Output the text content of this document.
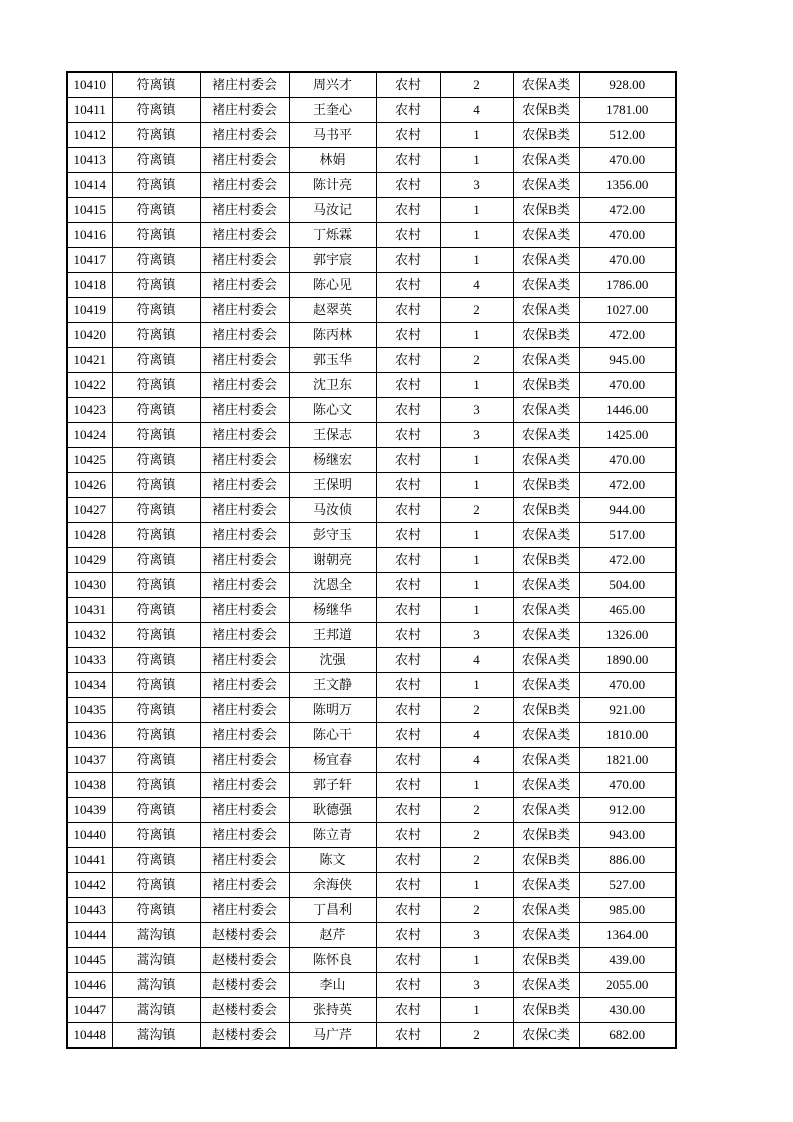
10410	符离镇	褚庄村委会	周兴才	农村	2	农保A类	928.00
10411	符离镇	褚庄村委会	王奎心	农村	4	农保B类	1781.00
10412	符离镇	褚庄村委会	马书平	农村	1	农保B类	512.00
10413	符离镇	褚庄村委会	林娟	农村	1	农保A类	470.00
10414	符离镇	褚庄村委会	陈计亮	农村	3	农保A类	1356.00
10415	符离镇	褚庄村委会	马汝记	农村	1	农保B类	472.00
10416	符离镇	褚庄村委会	丁烁霖	农村	1	农保A类	470.00
10417	符离镇	褚庄村委会	郭宇宸	农村	1	农保A类	470.00
10418	符离镇	褚庄村委会	陈心见	农村	4	农保A类	1786.00
10419	符离镇	褚庄村委会	赵翠英	农村	2	农保A类	1027.00
10420	符离镇	褚庄村委会	陈丙林	农村	1	农保B类	472.00
10421	符离镇	褚庄村委会	郭玉华	农村	2	农保A类	945.00
10422	符离镇	褚庄村委会	沈卫东	农村	1	农保B类	470.00
10423	符离镇	褚庄村委会	陈心文	农村	3	农保A类	1446.00
10424	符离镇	褚庄村委会	王保志	农村	3	农保A类	1425.00
10425	符离镇	褚庄村委会	杨继宏	农村	1	农保A类	470.00
10426	符离镇	褚庄村委会	王保明	农村	1	农保B类	472.00
10427	符离镇	褚庄村委会	马汝侦	农村	2	农保B类	944.00
10428	符离镇	褚庄村委会	彭守玉	农村	1	农保A类	517.00
10429	符离镇	褚庄村委会	谢朝亮	农村	1	农保B类	472.00
10430	符离镇	褚庄村委会	沈恩全	农村	1	农保A类	504.00
10431	符离镇	褚庄村委会	杨继华	农村	1	农保A类	465.00
10432	符离镇	褚庄村委会	王邦道	农村	3	农保A类	1326.00
10433	符离镇	褚庄村委会	沈强	农村	4	农保A类	1890.00
10434	符离镇	褚庄村委会	王文静	农村	1	农保A类	470.00
10435	符离镇	褚庄村委会	陈明万	农村	2	农保B类	921.00
10436	符离镇	褚庄村委会	陈心干	农村	4	农保A类	1810.00
10437	符离镇	褚庄村委会	杨宜春	农村	4	农保A类	1821.00
10438	符离镇	褚庄村委会	郭子轩	农村	1	农保A类	470.00
10439	符离镇	褚庄村委会	耿德强	农村	2	农保A类	912.00
10440	符离镇	褚庄村委会	陈立青	农村	2	农保B类	943.00
10441	符离镇	褚庄村委会	陈文	农村	2	农保B类	886.00
10442	符离镇	褚庄村委会	余海侠	农村	1	农保A类	527.00
10443	符离镇	褚庄村委会	丁昌利	农村	2	农保A类	985.00
10444	蒿沟镇	赵楼村委会	赵芹	农村	3	农保A类	1364.00
10445	蒿沟镇	赵楼村委会	陈怀良	农村	1	农保B类	439.00
10446	蒿沟镇	赵楼村委会	李山	农村	3	农保A类	2055.00
10447	蒿沟镇	赵楼村委会	张持英	农村	1	农保B类	430.00
10448	蒿沟镇	赵楼村委会	马广芹	农村	2	农保C类	682.00
